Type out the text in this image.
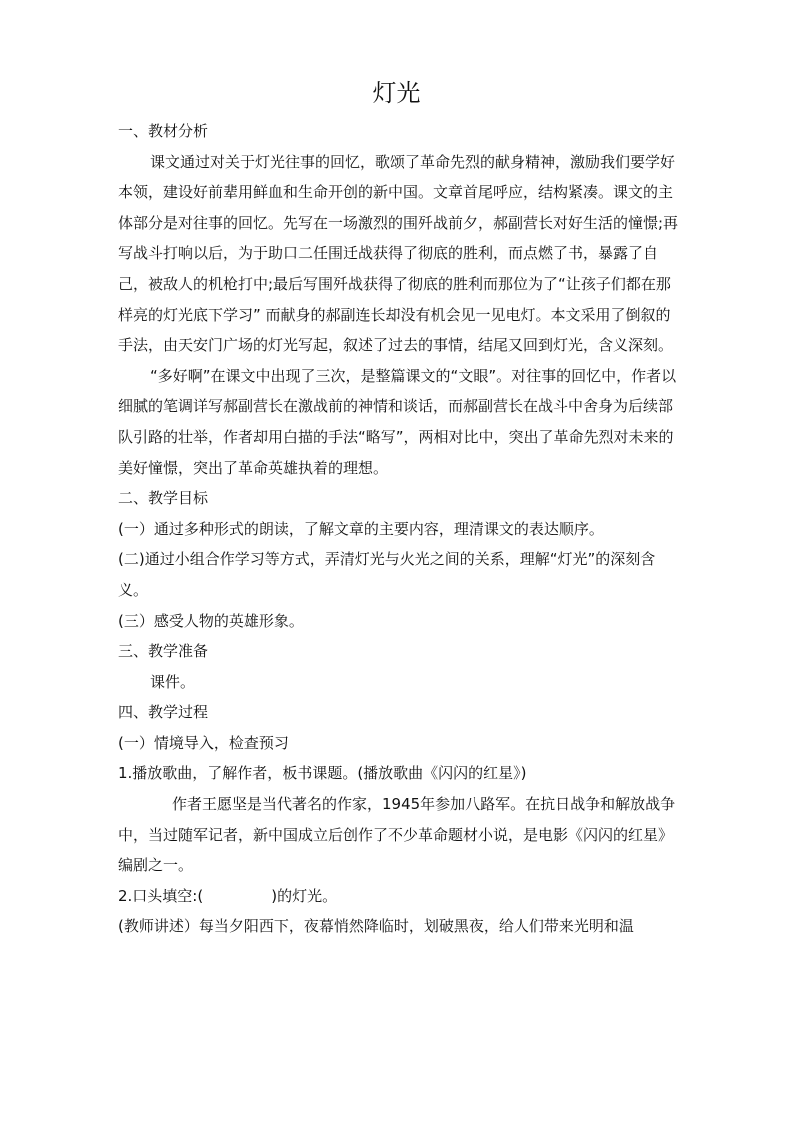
灯光

一、教材分析

课文通过对关于灯光往事的回忆，歌颂了革命先烈的献身精神，激励我们要学好本领，建设好前辈用鲜血和生命开创的新中国。文章首尾呼应，结构紧凑。课文的主体部分是对往事的回忆。先写在一场激烈的围歼战前夕，郝副营长对好生活的憧憬;再写战斗打响以后，为于助口二任围迁战获得了彻底的胜利，而点燃了书，暴露了自己，被敌人的机枪打中;最后写围歼战获得了彻底的胜利而那位为了“让孩子们都在那样亮的灯光底下学习” 而献身的郝副连长却没有机会见一见电灯。本文采用了倒叙的手法，由天安门广场的灯光写起，叙述了过去的事情，结尾又回到灯光，含义深刻。

“多好啊”在课文中出现了三次，是整篇课文的“文眼”。对往事的回忆中，作者以细腻的笔调详写郝副营长在激战前的神情和谈话，而郝副营长在战斗中舍身为后续部队引路的壮举，作者却用白描的手法“略写”，两相对比中，突出了革命先烈对未来的美好憧憬，突出了革命英雄执着的理想。

二、教学目标

(一）通过多种形式的朗读，了解文章的主要内容，理清课文的表达顺序。

(二)通过小组合作学习等方式，弄清灯光与火光之间的关系，理解“灯光”的深刻含义。

(三）感受人物的英雄形象。

三、教学准备

课件。

四、教学过程

(一）情境导入，检查预习

1.播放歌曲，了解作者，板书课题。(播放歌曲《闪闪的红星》)

作者王愿坚是当代著名的作家，1945年参加八路军。在抗日战争和解放战争中，当过随军记者，新中国成立后创作了不少革命题材小说，是电影《闪闪的红星》编剧之一。

2.口头填空:(	)的灯光。

(教师讲述）每当夕阳西下，夜幕悄然降临时，划破黑夜，给人们带来光明和温
